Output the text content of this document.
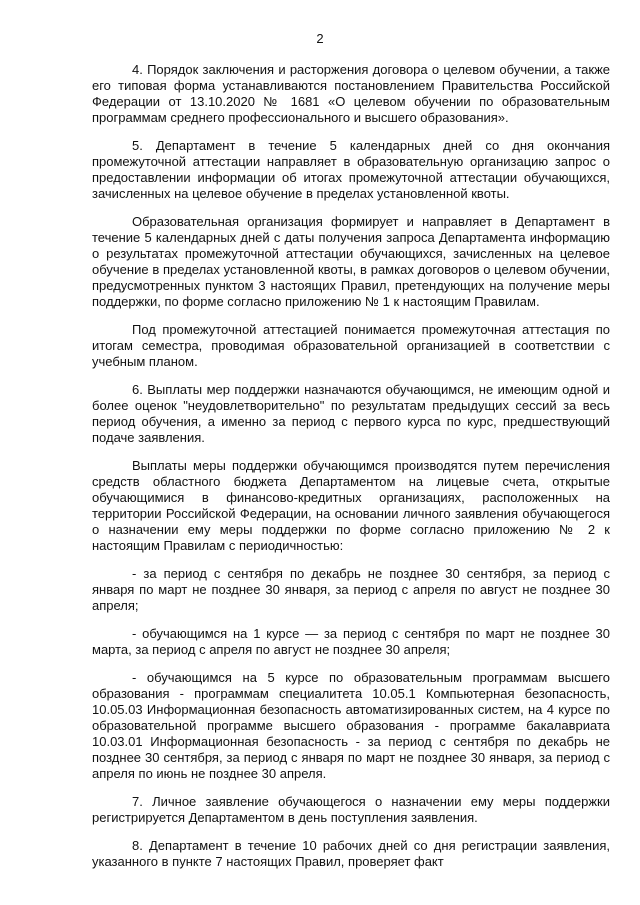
2

4. Порядок заключения и расторжения договора о целевом обучении, а также его типовая форма устанавливаются постановлением Правительства Российской Федерации от 13.10.2020 № 1681 «О целевом обучении по образовательным программам среднего профессионального и высшего образования».

5. Департамент в течение 5 календарных дней со дня окончания промежуточной аттестации направляет в образовательную организацию запрос о предоставлении информации об итогах промежуточной аттестации обучающихся, зачисленных на целевое обучение в пределах установленной квоты.

Образовательная организация формирует и направляет в Департамент в течение 5 календарных дней с даты получения запроса Департамента информацию о результатах промежуточной аттестации обучающихся, зачисленных на целевое обучение в пределах установленной квоты, в рамках договоров о целевом обучении, предусмотренных пунктом 3 настоящих Правил, претендующих на получение меры поддержки, по форме согласно приложению № 1 к настоящим Правилам.

Под промежуточной аттестацией понимается промежуточная аттестация по итогам семестра, проводимая образовательной организацией в соответствии с учебным планом.

6. Выплаты мер поддержки назначаются обучающимся, не имеющим одной и более оценок "неудовлетворительно" по результатам предыдущих сессий за весь период обучения, а именно за период с первого курса по курс, предшествующий подаче заявления.

Выплаты меры поддержки обучающимся производятся путем перечисления средств областного бюджета Департаментом на лицевые счета, открытые обучающимися в финансово-кредитных организациях, расположенных на территории Российской Федерации, на основании личного заявления обучающегося о назначении ему меры поддержки по форме согласно приложению № 2 к настоящим Правилам с периодичностью:

- за период с сентября по декабрь не позднее 30 сентября, за период с января по март не позднее 30 января, за период с апреля по август не позднее 30 апреля;

- обучающимся на 1 курсе — за период с сентября по март не позднее 30 марта, за период с апреля по август не позднее 30 апреля;

- обучающимся на 5 курсе по образовательным программам высшего образования - программам специалитета 10.05.1 Компьютерная безопасность, 10.05.03 Информационная безопасность автоматизированных систем, на 4 курсе по образовательной программе высшего образования - программе бакалавриата 10.03.01 Информационная безопасность - за период с сентября по декабрь не позднее 30 сентября, за период с января по март не позднее 30 января, за период с апреля по июнь не позднее 30 апреля.

7. Личное заявление обучающегося о назначении ему меры поддержки регистрируется Департаментом в день поступления заявления.

8. Департамент в течение 10 рабочих дней со дня регистрации заявления, указанного в пункте 7 настоящих Правил, проверяет факт
